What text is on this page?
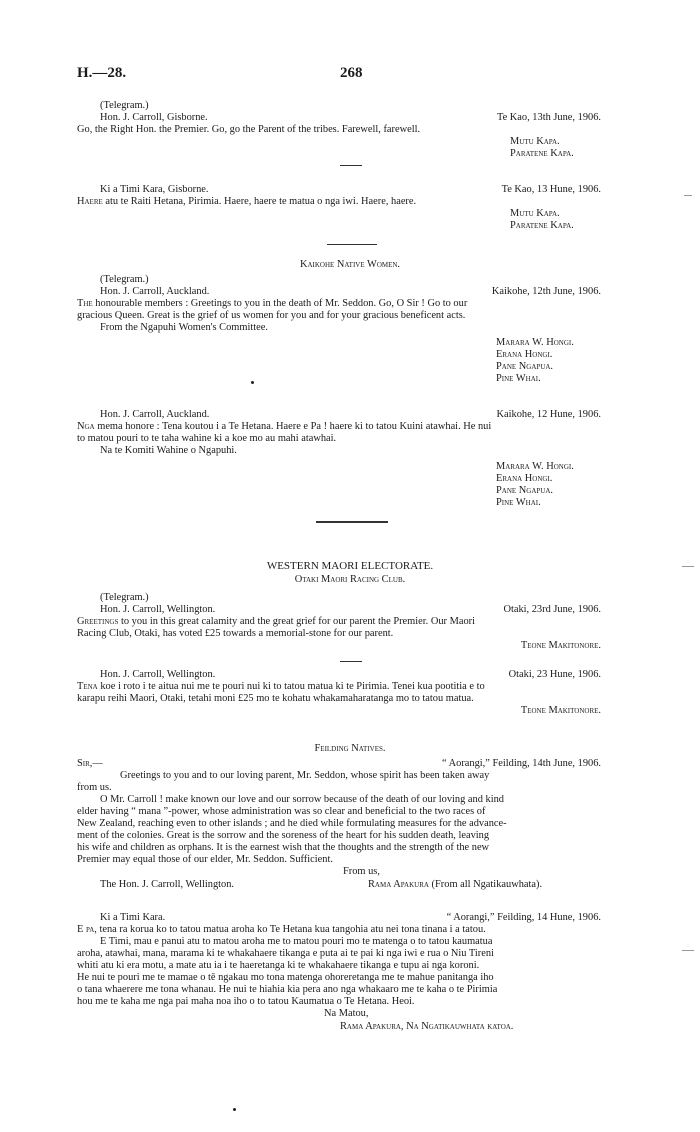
H.—28.	268
(Telegram.)
Hon. J. Carroll, Gisborne.	Te Kao, 13th June, 1906.
Go, the Right Hon. the Premier. Go, go the Parent of the tribes. Farewell, farewell.
Mutu Kapa.
Paratene Kapa.
Ki a Timi Kara, Gisborne.	Te Kao, 13 Hune, 1906.
Haere atu te Raiti Hetana, Pirimia. Haere, haere te matua o nga iwi. Haere, haere.
Mutu Kapa.
Paratene Kapa.
Kaikohe Native Women.
(Telegram.)
Hon. J. Carroll, Auckland.	Kaikohe, 12th June, 1906.
The honourable members : Greetings to you in the death of Mr. Seddon. Go, O Sir ! Go to our
gracious Queen. Great is the grief of us women for you and for your gracious beneficent acts.
From the Ngapuhi Women's Committee.
Marara W. Hongi.
Erana Hongi.
Pane Ngapua.
Pine Whai.
Hon. J. Carroll, Auckland.	Kaikohe, 12 Hune, 1906.
Nga mema honore : Tena koutou i a Te Hetana. Haere e Pa ! haere ki to tatou Kuini atawhai. He nui
to matou pouri to te taha wahine ki a koe mo au mahi atawhai.
Na te Komiti Wahine o Ngapuhi.
Marara W. Hongi.
Erana Hongi.
Pane Ngapua.
Pine Whai.
WESTERN MAORI ELECTORATE.
Otaki Maori Racing Club.
(Telegram.)
Hon. J. Carroll, Wellington.	Otaki, 23rd June, 1906.
Greetings to you in this great calamity and the great grief for our parent the Premier. Our Maori
Racing Club, Otaki, has voted £25 towards a memorial-stone for our parent.
Teone Makitonore.
Hon. J. Carroll, Wellington.	Otaki, 23 Hune, 1906.
Tena koe i roto i te aitua nui me te pouri nui ki to tatou matua ki te Pirimia. Tenei kua pootitia e to
karapu reihi Maori, Otaki, tetahi moni £25 mo te kohatu whakamaharatanga mo to tatou matua.
Teone Makitonore.
Feilding Natives.
Sir,—	“ Aorangi,” Feilding, 14th June, 1906.
Greetings to you and to our loving parent, Mr. Seddon, whose spirit has been taken away
from us.
O Mr. Carroll ! make known our love and our sorrow because of the death of our loving and kind
elder having “ mana ”-power, whose administration was so clear and beneficial to the two races of
New Zealand, reaching even to other islands ; and he died while formulating measures for the advance-
ment of the colonies. Great is the sorrow and the soreness of the heart for his sudden death, leaving
his wife and children as orphans. It is the earnest wish that the thoughts and the strength of the new
Premier may equal those of our elder, Mr. Seddon. Sufficient.
From us,
The Hon. J. Carroll, Wellington.	Rama Apakura (From all Ngatikauwhata).
Ki a Timi Kara.	“ Aorangi,” Feilding, 14 Hune, 1906.
E pa, tena ra korua ko to tatou matua aroha ko Te Hetana kua tangohia atu nei tona tinana i a tatou.
E Timi, mau e panui atu to matou aroha me to matou pouri mo te matenga o to tatou kaumatua
aroha, atawhai, mana, marama ki te whakahaere tikanga e puta ai te pai ki nga iwi e rua o Niu Tireni
whiti atu ki era motu, a mate atu ia i te haeretanga ki te whakahaere tikanga e tupu ai nga koroni.
He nui te pouri me te mamae o tē ngakau mo tona matenga ohoreretanga me te mahue panitanga iho
o tana whaerere me tona whanau. He nui te hiahia kia pera ano nga whakaaro me te kaha o te Pirimia
hou me te kaha me nga pai maha noa iho o to tatou Kaumatua o Te Hetana. Heoi.
Na Matou,
Rama Apakura, Na Ngatikauwhata katoa.
